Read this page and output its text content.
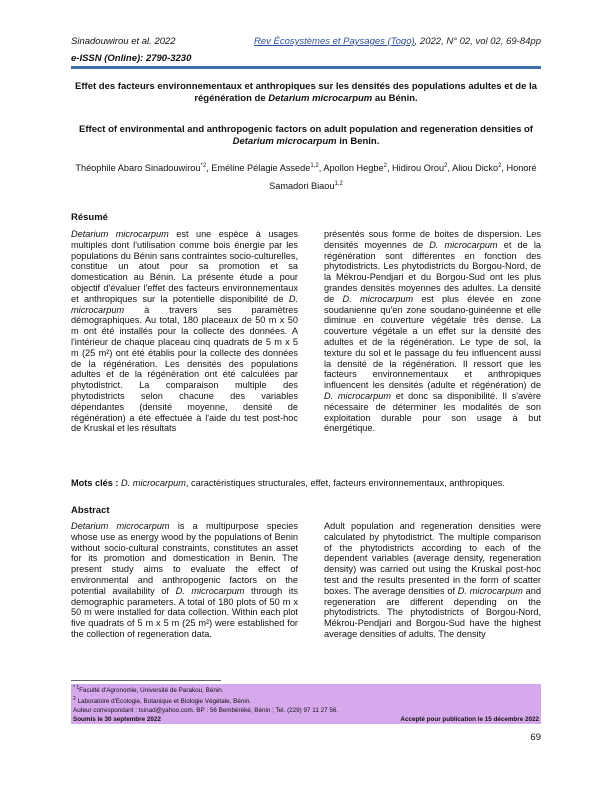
Sinadouwirou et al. 2022
e-ISSN (Online): 2790-3230
Rev Écosystèmes et Paysages (Togo), 2022, N° 02, vol 02, 69-84pp
Effet des facteurs environnementaux et anthropiques sur les densités des populations adultes et de la régénération de Detarium microcarpum au Bénin.
Effect of environmental and anthropogenic factors on adult population and regeneration densities of Detarium microcarpum in Benin.
Théophile Abaro Sinadouwirou$^{*2}$, Eméline Pélagie Assede$^{1,2}$, Apollon Hegbe$^2$, Hidirou Orou$^2$, Aliou Dicko$^2$, Honoré Samadori Biaou$^{1,2}$
Résumé

Detarium microcarpum est une espèce à usages multiples dont l'utilisation comme bois énergie par les populations du Bénin sans contraintes socio-culturelles, constitue un atout pour sa promotion et sa domestication au Bénin. La présente étude a pour objectif d'évaluer l'effet des facteurs environnementaux et anthropiques sur la potentielle disponibilité de D. microcarpum à travers ses paramètres démographiques. Au total, 180 placeaux de 50 m x 50 m ont été installés pour la collecte des données. A l'intérieur de chaque placeau cinq quadrats de 5 m x 5 m (25 m²) ont été établis pour la collecte des données de la régénération. Les densités des populations adultes et de la régénération ont été calculées par phytodistrict. La comparaison multiple des phytodistricts selon chacune des variables dépendantes (densité moyenne, densité de régénération) a été effectuée à l'aide du test post-hoc de Kruskal et les résultats

présentés sous forme de boites de dispersion. Les densités moyennes de D. microcarpum et de la régénération sont différentes en fonction des phytodistricts. Les phytodistricts du Borgou-Nord, de la Mékrou-Pendjari et du Borgou-Sud ont les plus grandes densités moyennes des adultes. La densité de D. microcarpum est plus élevée en zone soudanienne qu'en zone soudano-guinéenne et elle diminue en couverture végétale très dense. La couverture végétale a un effet sur la densité des adultes et de la régénération. Le type de sol, la texture du sol et le passage du feu influencent aussi la densité de la régénération. Il ressort que les facteurs environnementaux et anthropiques influencent les densités (adulte et régénération) de D. microcarpum et donc sa disponibilité. Il s'avère nécessaire de déterminer les modalités de son exploitation durable pour son usage à but énergétique.

Mots clés : D. microcarpum, caractéristiques structurales, effet, facteurs environnementaux, anthropiques.
Abstract

Detarium microcarpum is a multipurpose species whose use as energy wood by the populations of Benin without socio-cultural constraints, constitutes an asset for its promotion and domestication in Benin. The present study aims to evaluate the effect of environmental and anthropogenic factors on the potential availability of D. microcarpum through its demographic parameters. A total of 180 plots of 50 m x 50 m were installed for data collection. Within each plot five quadrats of 5 m x 5 m (25 m²) were established for the collection of regeneration data.

Adult population and regeneration densities were calculated by phytodistrict. The multiple comparison of the phytodistricts according to each of the dependent variables (average density, regeneration density) was carried out using the Kruskal post-hoc test and the results presented in the form of scatter boxes. The average densities of D. microcarpum and regeneration are different depending on the phytodistricts. The phytodistricts of Borgou-Nord, Mékrou-Pendjari and Borgou-Sud have the highest average densities of adults. The density

$^{* 1}$Faculté d'Agronomie, Université de Parakou, Bénin.
$^2$ Laboratoire d'Ecologie, Botanique et Biologie Végétale, Bénin.
Auteur correspondant : tsinad@yahoo.com. BP : 56 Bembèrèké, Bénin ; Tel. (229) 97 11 27 56.
Soumis le 30 septembre 2022	Accepté pour publication le 15 décembre 2022
69
